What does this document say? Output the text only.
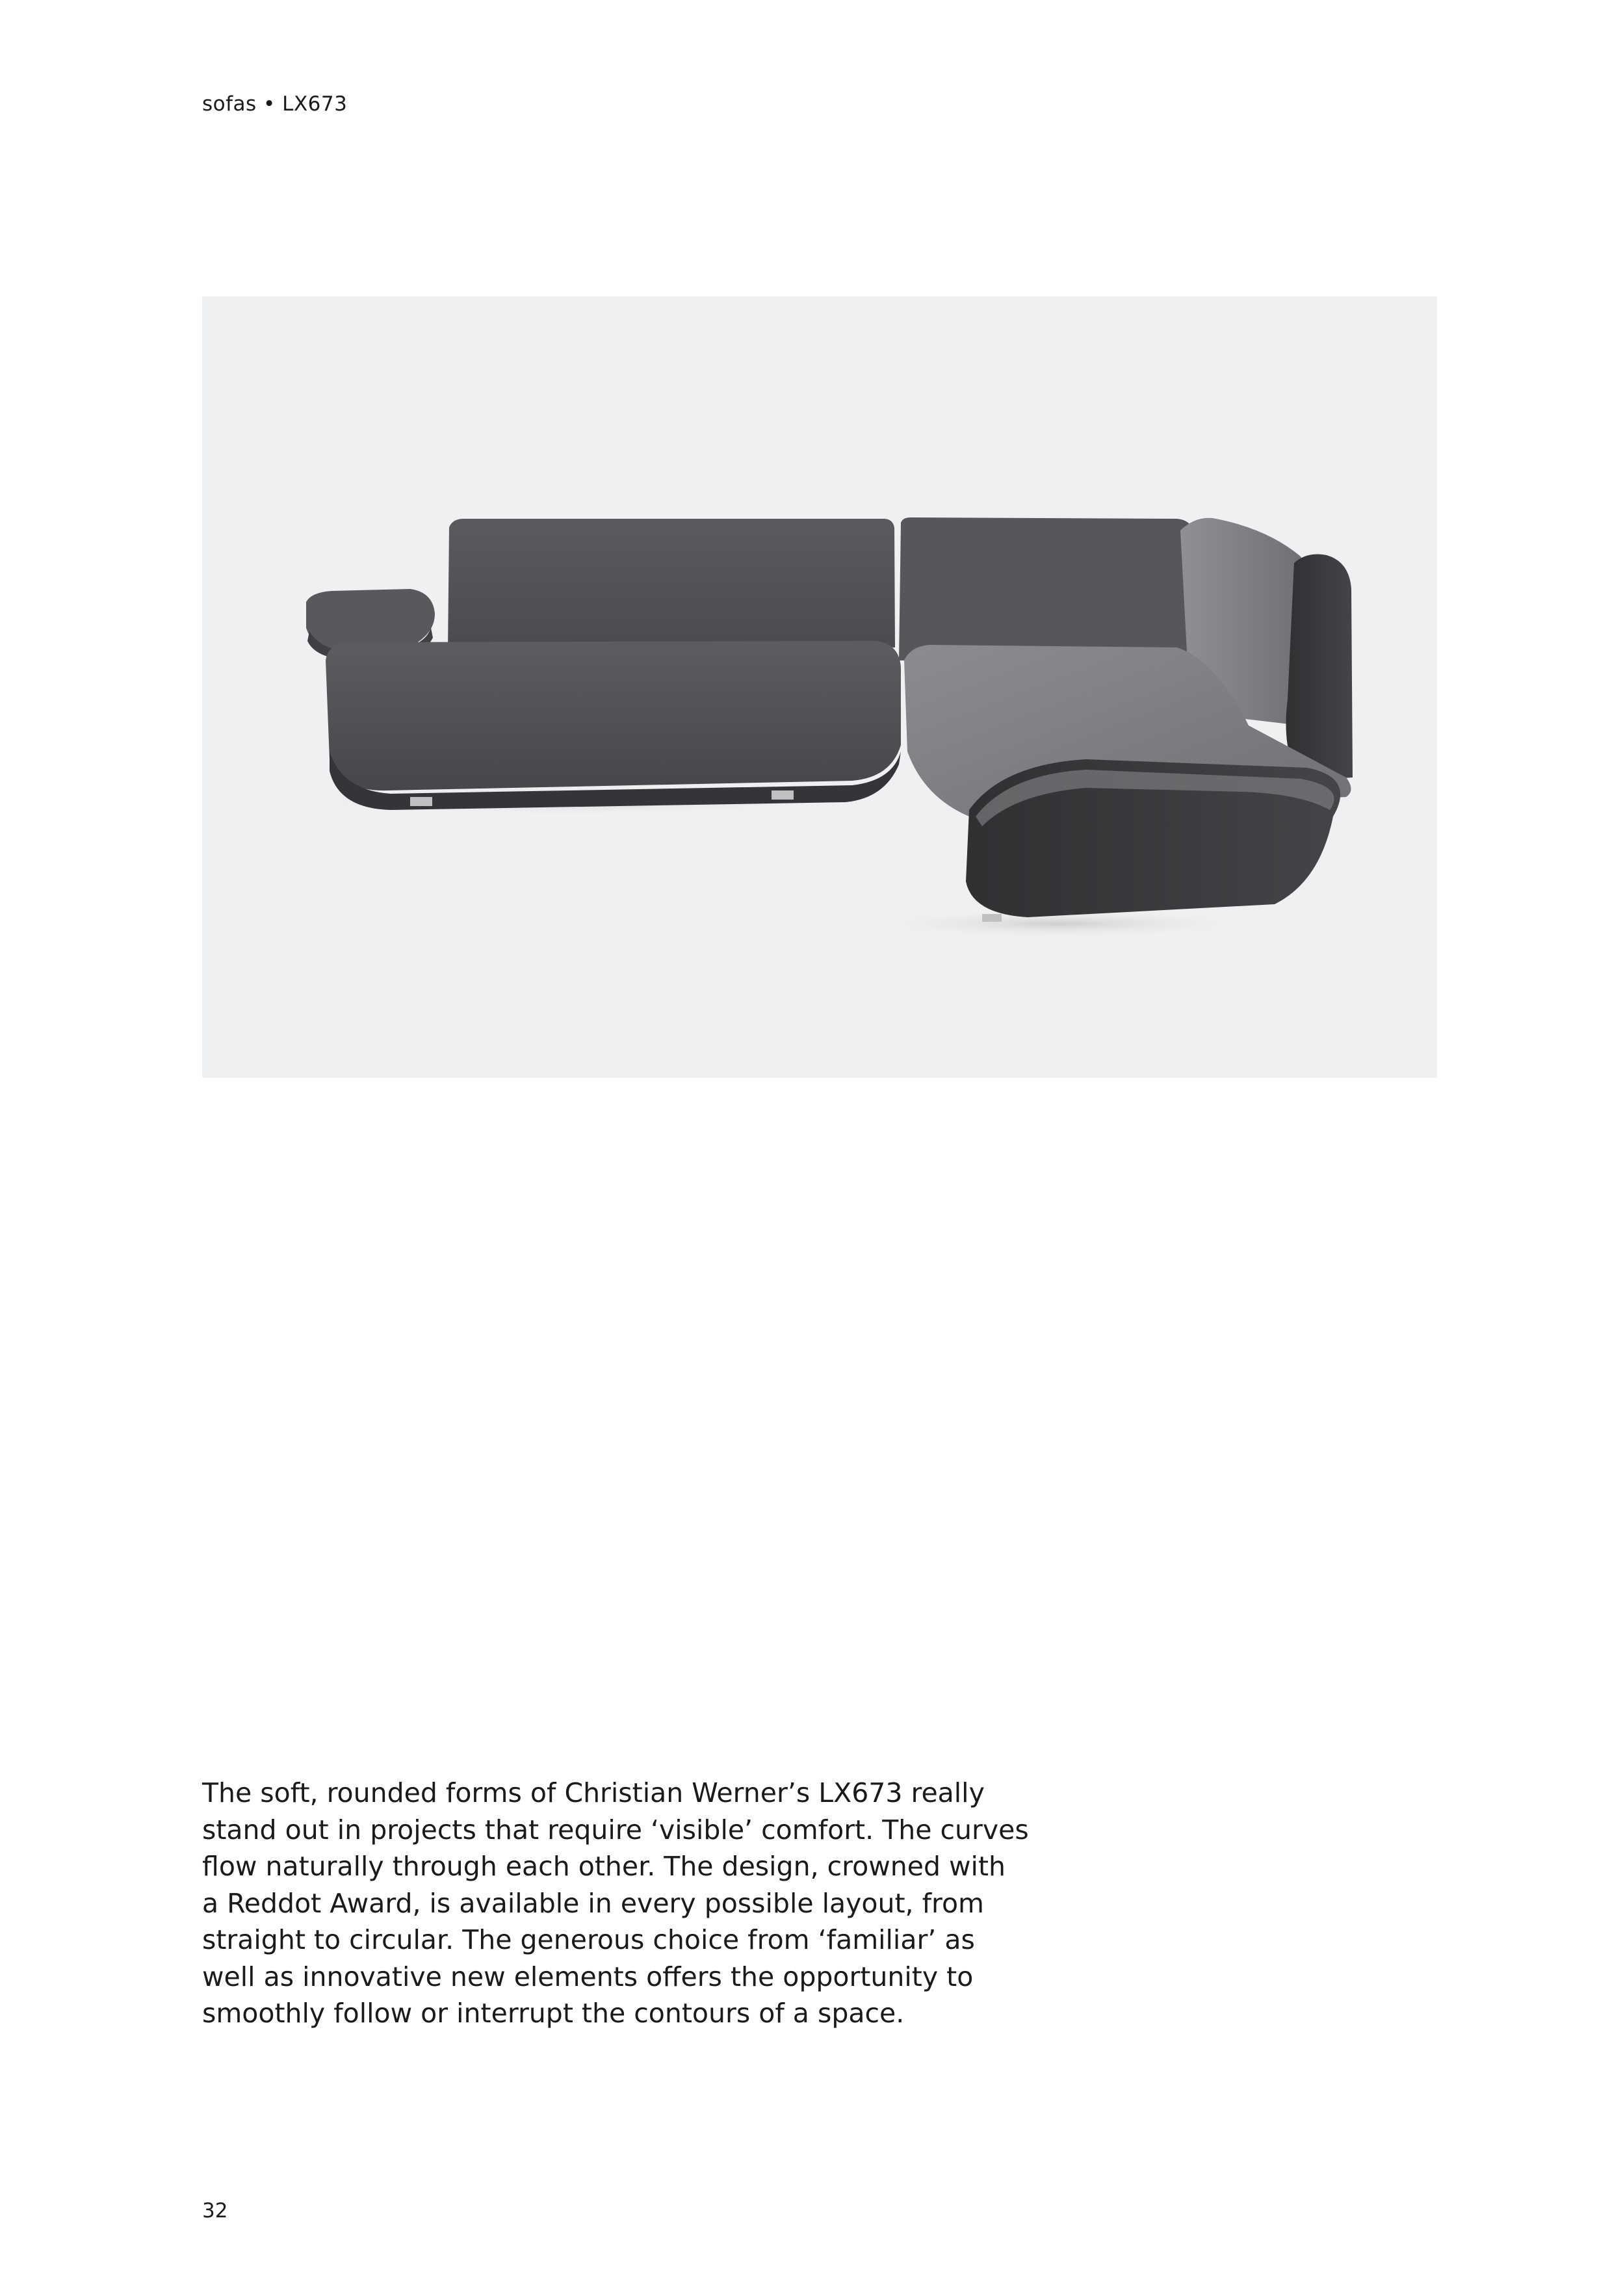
sofas • LX673

The soft, rounded forms of Christian Werner’s LX673 really

stand out in projects that require ‘visible’ comfort. The curves

flow naturally through each other. The design, crowned with

a Reddot Award, is available in every possible layout, from

straight to circular. The generous choice from ‘familiar’ as

well as innovative new elements offers the opportunity to

smoothly follow or interrupt the contours of a space.

32
